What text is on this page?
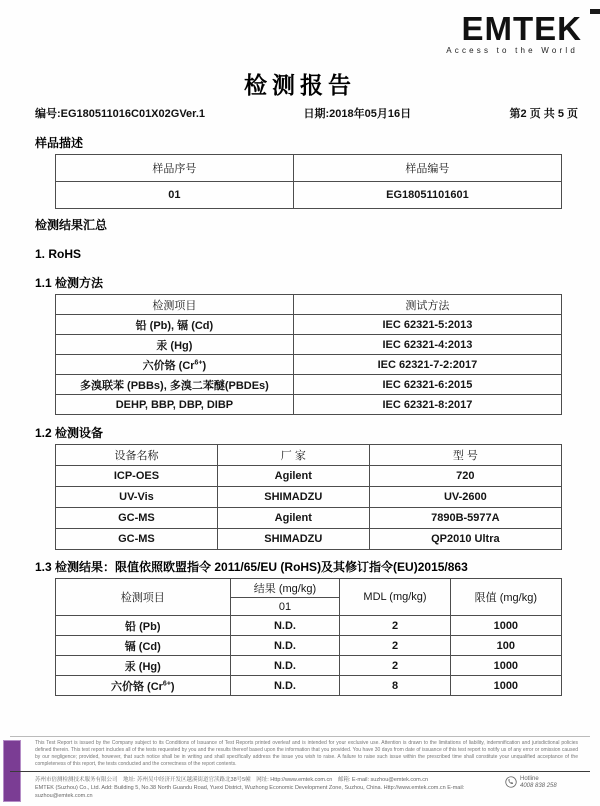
EMTEK
Access to the World
检测报告
编号:EG180511016C01X02GVer.1	日期:2018年05月16日	第2 页 共 5 页
样品描述
样品序号	样品编号
01	EG18051101601
检测结果汇总
1. RoHS
1.1 检测方法
检测项目	测试方法
铅 (Pb), 镉 (Cd)	IEC 62321-5:2013
汞 (Hg)	IEC 62321-4:2013
六价铬 $(Cr^{6+})$	IEC 62321-7-2:2017
多溴联苯 (PBBs), 多溴二苯醚(PBDEs)	IEC 62321-6:2015
DEHP, BBP, DBP, DIBP	IEC 62321-8:2017
1.2 检测设备
设备名称	厂 家	型 号
ICP-OES	Agilent	720
UV-Vis	SHIMADZU	UV-2600
GC-MS	Agilent	7890B-5977A
GC-MS	SHIMADZU	QP2010 Ultra
1.3 检测结果：限值依照欧盟指令 2011/65/EU (RoHS)及其修订指令(EU)2015/863
检测项目	结果 (mg/kg)	MDL (mg/kg)	限值 (mg/kg)
	01		
铅 (Pb)	N.D.	2	1000
镉 (Cd)	N.D.	2	100
汞 (Hg)	N.D.	2	1000
六价铬 $(Cr^{6+})$	N.D.	8	1000
This Test Report is issued by the Company subject to its Conditions of Issuance of Test Reports printed overleaf and is intended for your exclusive use. Attention is drawn to the limitations of liability, indemnification and jurisdictional policies defined therein. This test report includes all of the tests requested by you and the results thereof based upon the information that you provided. You have 30 days from date of issuance of this test report to notify us of any error or omission caused by our negligence; provided, however, that such notice shall be in writing and shall specifically address the issue you wish to raise. A failure to raise such issue within the prescribed time shall constitute your unqualified acceptance of the completeness of this report, the tests conducted and the correctness of the report contents.
苏州市倍测检测技术服务有限公司　地址: 苏州吴中经济开发区越溪街道官渎路北38号5幢　网址: Http://www.emtek.com.cn　邮箱: E-mail: suzhou@emtek.com.cn
EMTEK (Suzhou) Co., Ltd. Add: Building 5, No.38 North Guandu Road, Yuexi District, Wuzhong Economic Development Zone, Suzhou, China. Http://www.emtek.com.cn E-mail: suzhou@emtek.com.cn
Hotline
4008 838 258
